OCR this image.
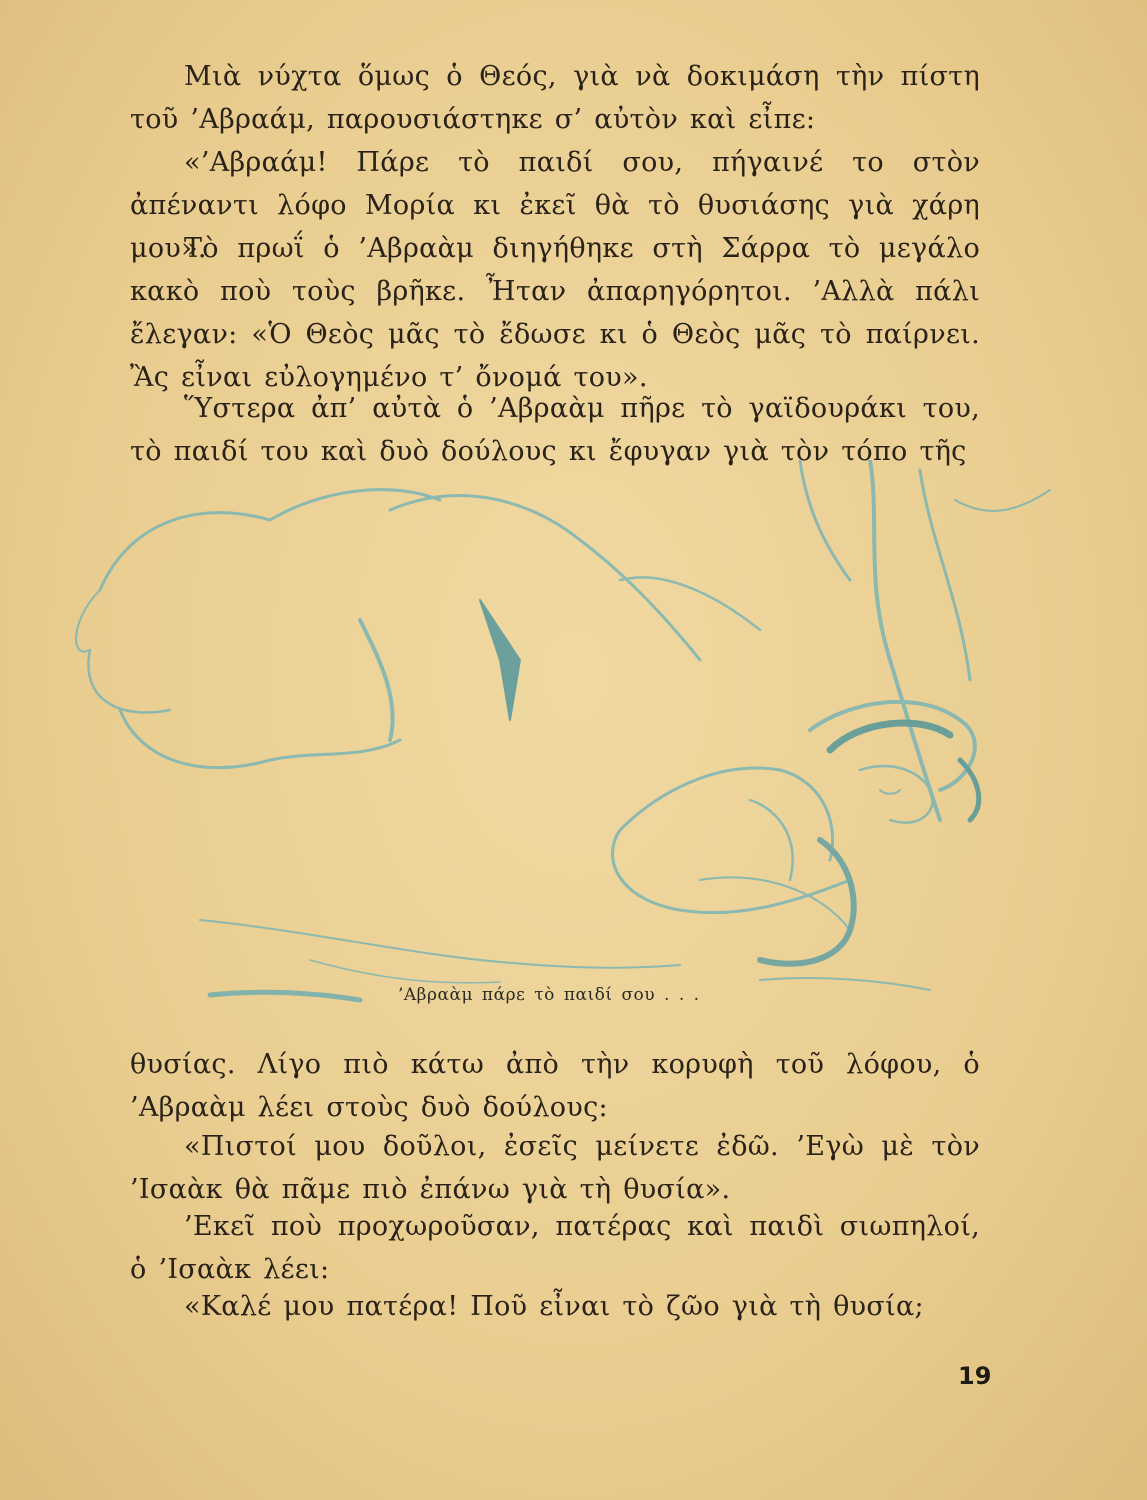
Μιὰ νύχτα ὅμως ὁ Θεός, γιὰ νὰ δοκιμάση τὴν πίστη τοῦ ’Αβραάμ, παρουσιάστηκε σ’ αὐτὸν καὶ εἶπε:

«’Αβραάμ! Πάρε τὸ παιδί σου, πήγαινέ το στὸν ἀπέναντι λόφο Μορία κι ἐκεῖ θὰ τὸ θυσιάσης γιὰ χάρη μου».

Τὸ πρωΐ ὁ ’Αβραὰμ διηγήθηκε στὴ Σάρρα τὸ μεγάλο κακὸ ποὺ τοὺς βρῆκε. Ἦταν ἀπαρηγόρητοι. ’Αλλὰ πάλι ἔλεγαν: «Ὁ Θεὸς μᾶς τὸ ἔδωσε κι ὁ Θεὸς μᾶς τὸ παίρνει. Ἂς εἶναι εὐλογημένο τ’ ὄνομά του».

Ὕστερα ἀπ’ αὐτὰ ὁ ’Αβραὰμ πῆρε τὸ γαϊδουράκι του, τὸ παιδί του καὶ δυὸ δούλους κι ἔφυγαν γιὰ τὸν τόπο τῆς

’Αβραὰμ πάρε τὸ παιδί σου . . .

θυσίας. Λίγο πιὸ κάτω ἀπὸ τὴν κορυφὴ τοῦ λόφου, ὁ ’Αβραὰμ λέει στοὺς δυὸ δούλους:

«Πιστοί μου δοῦλοι, ἐσεῖς μείνετε ἐδῶ. ’Εγὼ μὲ τὸν ’Ισαὰκ θὰ πᾶμε πιὸ ἐπάνω γιὰ τὴ θυσία».

’Εκεῖ ποὺ προχωροῦσαν, πατέρας καὶ παιδὶ σιωπηλοί, ὁ ’Ισαὰκ λέει:

«Καλέ μου πατέρα! Ποῦ εἶναι τὸ ζῶο γιὰ τὴ θυσία;

19
